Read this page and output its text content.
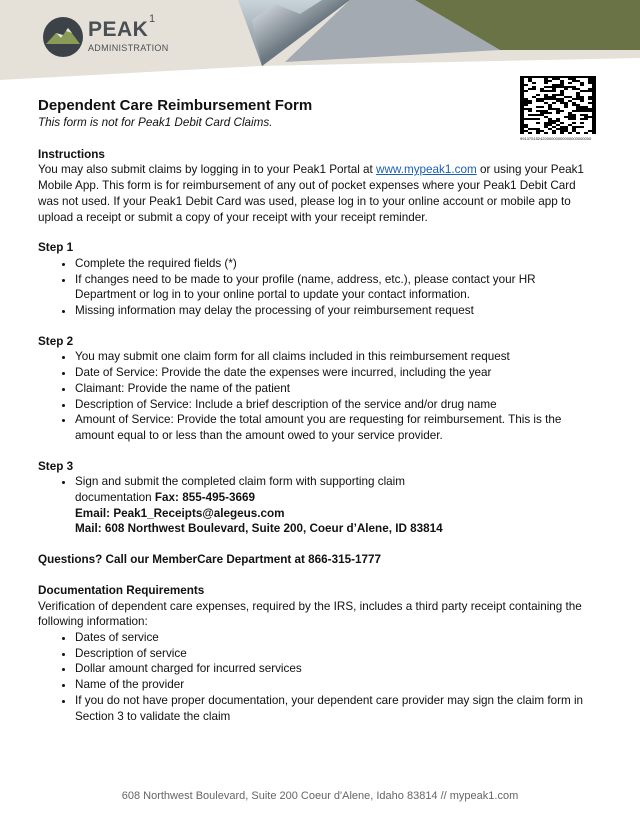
PEAK 1
ADMINISTRATION
99137015242000000000000000000000
Dependent Care Reimbursement Form

This form is not for Peak1 Debit Card Claims.

Instructions

You may also submit claims by logging in to your Peak1 Portal at www.mypeak1.com or using your Peak1 Mobile App. This form is for reimbursement of any out of pocket expenses where your Peak1 Debit Card was not used. If your Peak1 Debit Card was used, please log in to your online account or mobile app to upload a receipt or submit a copy of your receipt with your receipt reminder.

Step 1

• Complete the required fields (*)
• If changes need to be made to your profile (name, address, etc.), please contact your HR Department or log in to your online portal to update your contact information.
• Missing information may delay the processing of your reimbursement request

Step 2

• You may submit one claim form for all claims included in this reimbursement request
• Date of Service: Provide the date the expenses were incurred, including the year
• Claimant: Provide the name of the patient
• Description of Service: Include a brief description of the service and/or drug name
• Amount of Service: Provide the total amount you are requesting for reimbursement. This is the amount equal to or less than the amount owed to your service provider.

Step 3

• Sign and submit the completed claim form with supporting claim
documentation Fax: 855-495-3669
Email: Peak1_Receipts@alegeus.com
Mail: 608 Northwest Boulevard, Suite 200, Coeur d’Alene, ID 83814

Questions? Call our MemberCare Department at 866-315-1777

Documentation Requirements

Verification of dependent care expenses, required by the IRS, includes a third party receipt containing the following information:

• Dates of service
• Description of service
• Dollar amount charged for incurred services
• Name of the provider
• If you do not have proper documentation, your dependent care provider may sign the claim form in Section 3 to validate the claim
608 Northwest Boulevard, Suite 200 Coeur d'Alene, Idaho 83814 // mypeak1.com
